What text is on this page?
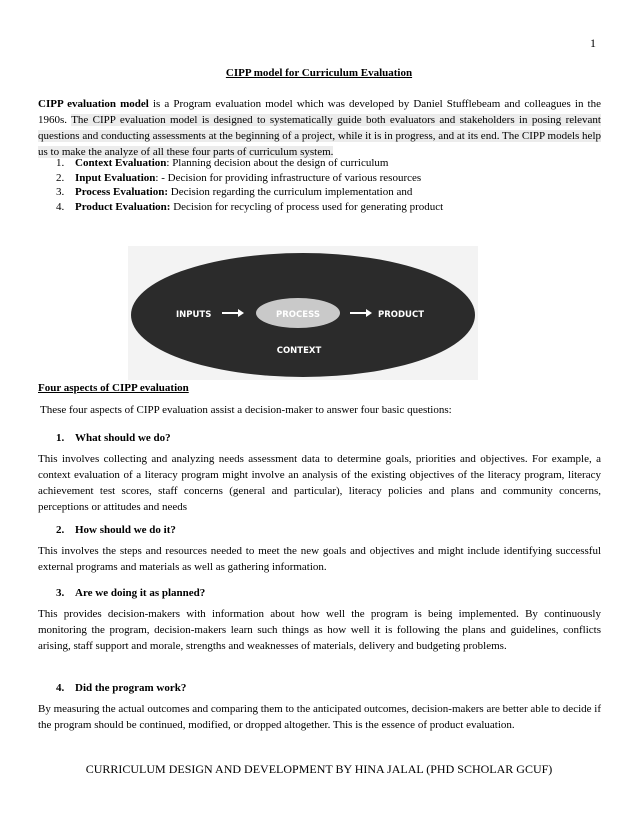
1
CIPP model for Curriculum Evaluation
CIPP evaluation model is a Program evaluation model which was developed by Daniel Stufflebeam and colleagues in the 1960s. The CIPP evaluation model is designed to systematically guide both evaluators and stakeholders in posing relevant questions and conducting assessments at the beginning of a project, while it is in progress, and at its end. The CIPP models help us to make the analyze of all these four parts of curriculum system.
1. Context Evaluation: Planning decision about the design of curriculum
2. Input Evaluation: - Decision for providing infrastructure of various resources
3. Process Evaluation: Decision regarding the curriculum implementation and
4. Product Evaluation: Decision for recycling of process used for generating product
INPUTS	PROCESS	PRODUCT
CONTEXT
Four aspects of CIPP evaluation
These four aspects of CIPP evaluation assist a decision-maker to answer four basic questions:
1. What should we do?
This involves collecting and analyzing needs assessment data to determine goals, priorities and objectives. For example, a context evaluation of a literacy program might involve an analysis of the existing objectives of the literacy program, literacy achievement test scores, staff concerns (general and particular), literacy policies and plans and community concerns, perceptions or attitudes and needs
2. How should we do it?
This involves the steps and resources needed to meet the new goals and objectives and might include identifying successful external programs and materials as well as gathering information.
3. Are we doing it as planned?
This provides decision-makers with information about how well the program is being implemented. By continuously monitoring the program, decision-makers learn such things as how well it is following the plans and guidelines, conflicts arising, staff support and morale, strengths and weaknesses of materials, delivery and budgeting problems.
4. Did the program work?
By measuring the actual outcomes and comparing them to the anticipated outcomes, decision-makers are better able to decide if the program should be continued, modified, or dropped altogether. This is the essence of product evaluation.
CURRICULUM DESIGN AND DEVELOPMENT BY HINA JALAL (PHD SCHOLAR GCUF)
